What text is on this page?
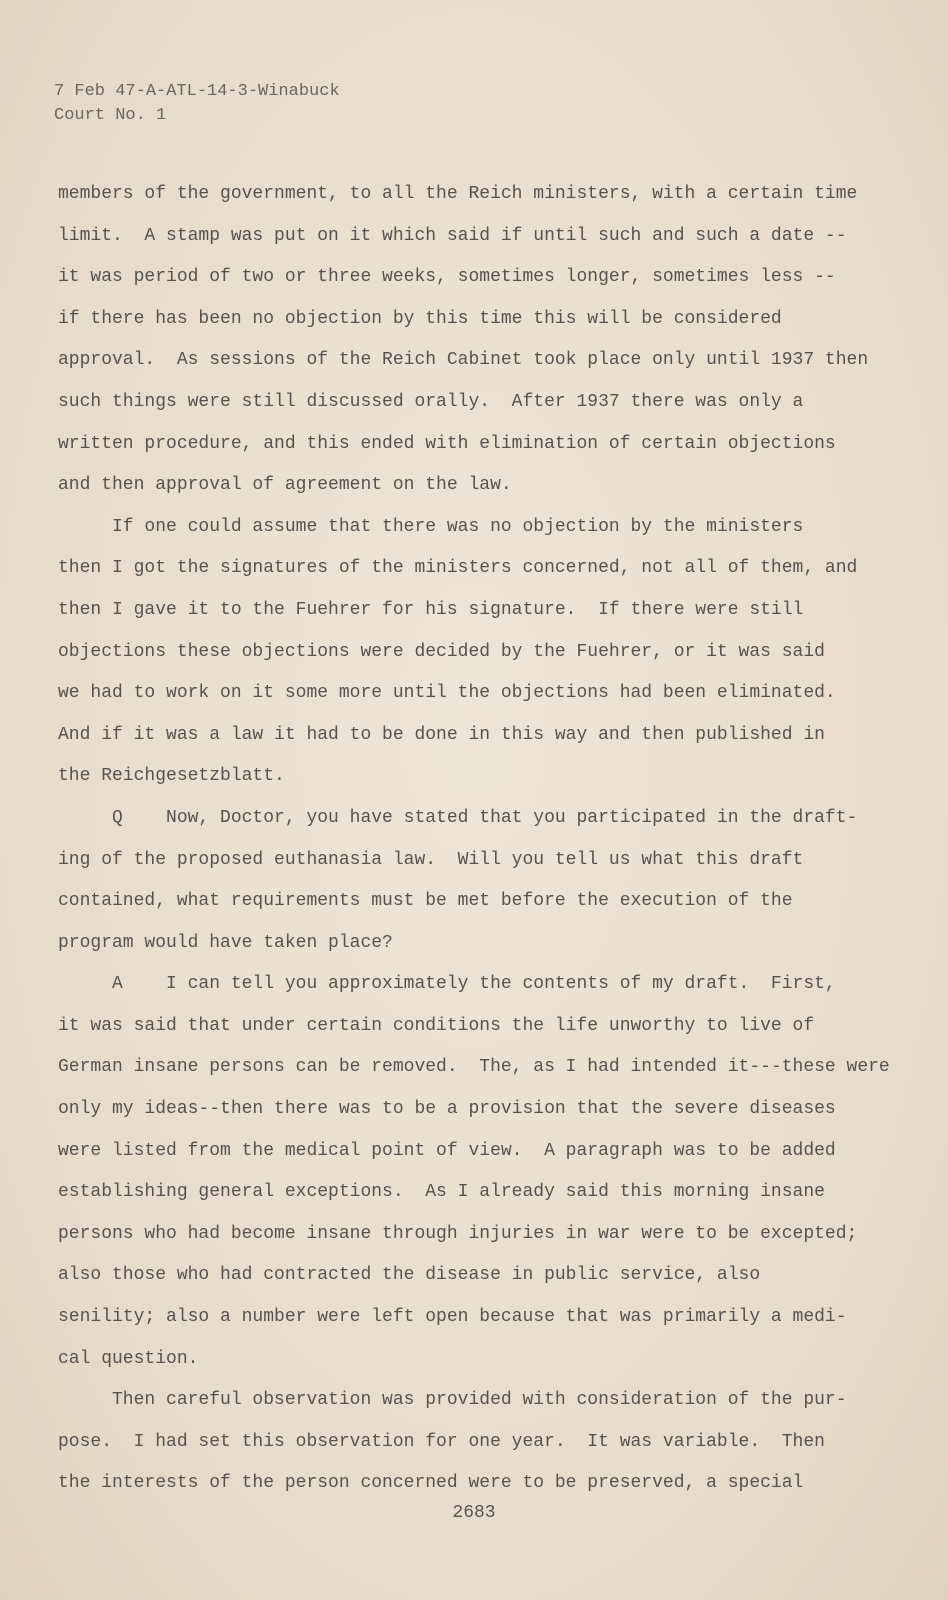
7 Feb 47-A-ATL-14-3-Winabuck
Court No. 1
members of the government, to all the Reich ministers, with a certain time
limit.  A stamp was put on it which said if until such and such a date --
it was period of two or three weeks, sometimes longer, sometimes less --
if there has been no objection by this time this will be considered
approval.  As sessions of the Reich Cabinet took place only until 1937 then
such things were still discussed orally.  After 1937 there was only a
written procedure, and this ended with elimination of certain objections
and then approval of agreement on the law.
If one could assume that there was no objection by the ministers
then I got the signatures of the ministers concerned, not all of them, and
then I gave it to the Fuehrer for his signature.  If there were still
objections these objections were decided by the Fuehrer, or it was said
we had to work on it some more until the objections had been eliminated.
And if it was a law it had to be done in this way and then published in
the Reichgesetzblatt.
Q    Now, Doctor, you have stated that you participated in the draft-
ing of the proposed euthanasia law.  Will you tell us what this draft
contained, what requirements must be met before the execution of the
program would have taken place?
A    I can tell you approximately the contents of my draft.  First,
it was said that under certain conditions the life unworthy to live of
German insane persons can be removed.  The, as I had intended it---these were
only my ideas--then there was to be a provision that the severe diseases
were listed from the medical point of view.  A paragraph was to be added
establishing general exceptions.  As I already said this morning insane
persons who had become insane through injuries in war were to be excepted;
also those who had contracted the disease in public service, also
senility; also a number were left open because that was primarily a medi-
cal question.
Then careful observation was provided with consideration of the pur-
pose.  I had set this observation for one year.  It was variable.  Then
the interests of the person concerned were to be preserved, a special
2683
